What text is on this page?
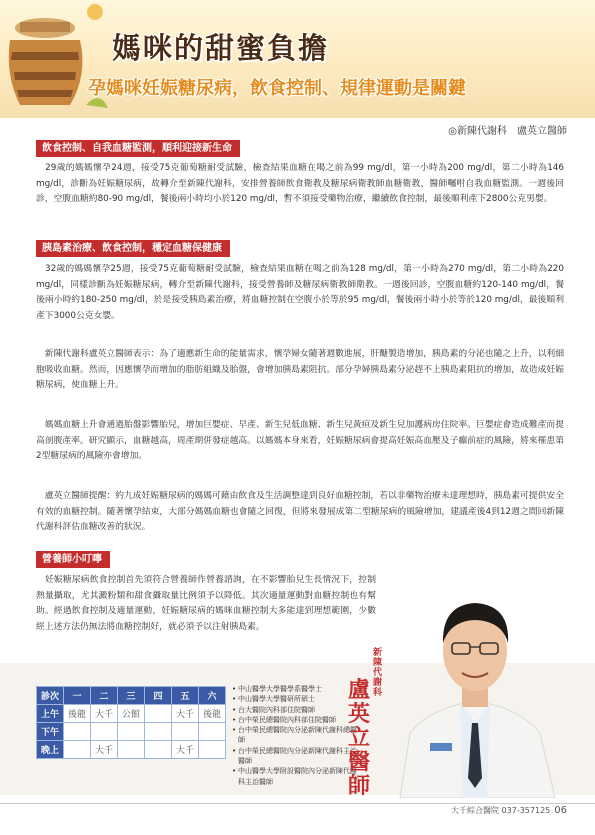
媽咪的甜蜜負擔
孕媽咪妊娠糖尿病，飲食控制、規律運動是關鍵
◎新陳代謝科　盧英立醫師
飲食控制、自我血糖監測，順利迎接新生命
　29歲的媽媽懷孕24週，接受75克葡萄糖耐受試驗，檢查結果血糖在喝之前為99 mg/dl，第一小時為200 mg/dl，第二小時為146 mg/dl，診斷為妊娠糖尿病，故轉介至新陳代謝科，安排營養師飲食衛教及糖尿病衛教師血糖衛教，醫師囑咐自我血糖監測。一週後回診，空腹血糖約80-90 mg/dl，餐後兩小時均小於120 mg/dl，暫不須接受藥物治療，繼續飲食控制，最後順利產下2800公克男嬰。
胰島素治療、飲食控制，穩定血糖保健康
　32歲的媽媽懷孕25週，接受75克葡萄糖耐受試驗，檢查結果血糖在喝之前為128 mg/dl，第一小時為270 mg/dl，第二小時為220 mg/dl，同樣診斷為妊娠糖尿病，轉介至新陳代謝科，接受營養師及糖尿病衛教師衛教。一週後回診，空腹血糖約120-140 mg/dl，餐後兩小時約180-250 mg/dl，於是接受胰島素治療，將血糖控制在空腹小於等於95 mg/dl，餐後兩小時小於等於120 mg/dl，最後順利產下3000公克女嬰。
　新陳代謝科盧英立醫師表示：為了適應新生命的能量需求，懷孕婦女隨著週數進展，肝醣製造增加，胰島素的分泌也隨之上升，以利細胞吸收血糖。然而，因應懷孕而增加的脂肪組織及胎盤，會增加胰島素阻抗。部分孕婦胰島素分泌趕不上胰島素阻抗的增加，故造成妊娠糖尿病，使血糖上升。
　媽媽血糖上升會通過胎盤影響胎兒，增加巨嬰症、早產、新生兒低血糖、新生兒黃疸及新生兒加護病房住院率。巨嬰症會造成難產而提高剖腹產率。研究顯示，血糖越高，周產期併發症越高。以媽媽本身來看，妊娠糖尿病會提高妊娠高血壓及子癲前症的風險，將來罹患第2型糖尿病的風險亦會增加。
　盧英立醫師提醒：約九成妊娠糖尿病的媽媽可藉由飲食及生活調整達到良好血糖控制，若以非藥物治療未達理想時，胰島素可提供安全有效的血糖控制。隨著懷孕結束，大部分媽媽血糖也會隨之回復，但將來發展成第二型糖尿病的風險增加，建議產後4到12週之間回新陳代謝科評估血糖改善的狀況。
營養師小叮嚀
　妊娠糖尿病飲食控制首先須符合營養師作營養諮詢，在不影響胎兒生長情況下，控制熱量攝取，尤其澱粉類和甜食攝取量比例須予以降低。其次適量運動對血糖控制也有幫助。經過飲食控制及適量運動，妊娠糖尿病的媽咪血糖控制大多能達到理想範圍，少數經上述方法仍無法將血糖控制好，就必須予以注射胰島素。
診次	一	二	三	四	五	六
上午	後龍	大千	公館		大千	後龍
下午						
晚上		大千			大千	
• 中山醫學大學醫學系醫學士
• 中山醫學大學醫研所碩士
• 台大醫院內科部住院醫師
• 台中榮民總醫院內科部住院醫師
• 台中榮民總醫院內分泌新陳代謝科總醫師
• 台中榮民總醫院內分泌新陳代謝科主治醫師
• 中山醫學大學附設醫院內分泌新陳代謝科主治醫師
新陳代謝科
盧英立醫師
大千綜合醫院 037-357125 06
